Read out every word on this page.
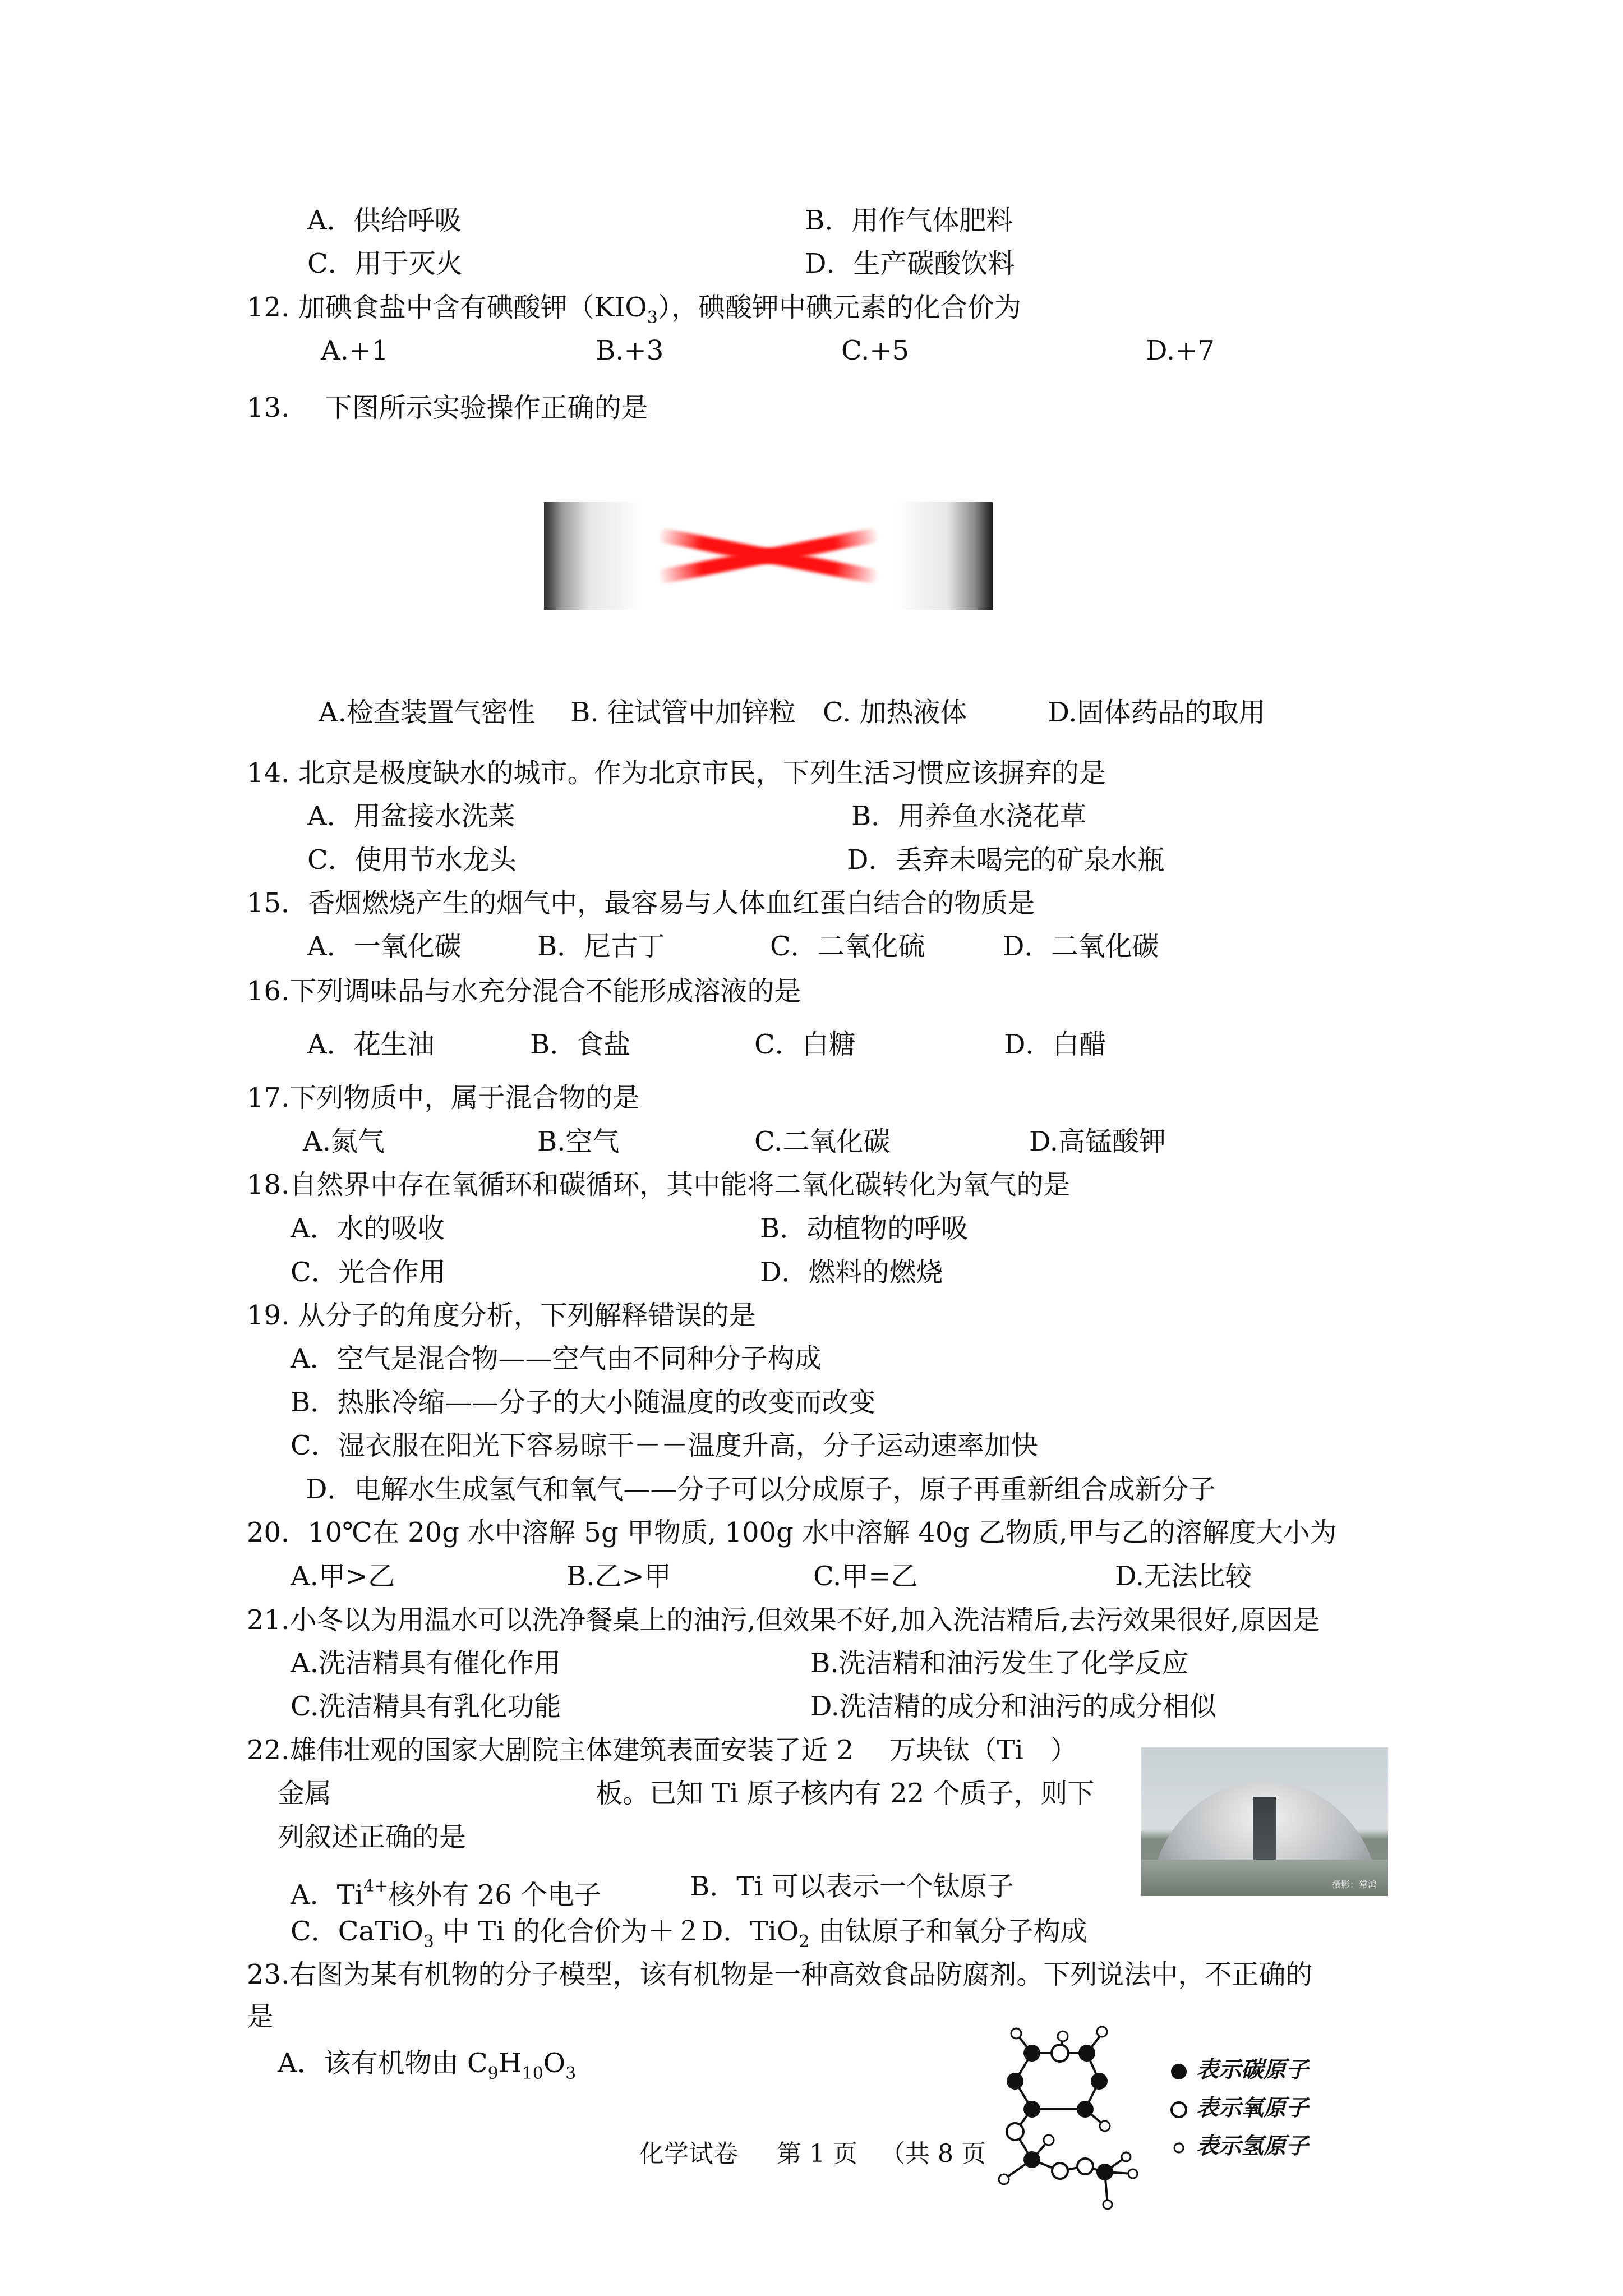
A．供给呼吸	B．用作气体肥料
C．用于灭火	D．生产碳酸饮料
12. 加碘食盐中含有碘酸钾$(KIO_3)$，碘酸钾中碘元素的化合价为
A.+1	B.+3	C.+5	D.+7
13.　 下图所示实验操作正确的是
A.检查装置气密性　 B. 往试管中加锌粒　C. 加热液体　　　D.固体药品的取用
14. 北京是极度缺水的城市。作为北京市民，下列生活习惯应该摒弃的是
A．用盆接水洗菜	B．用养鱼水浇花草
C．使用节水龙头	D．丢弃未喝完的矿泉水瓶
15．香烟燃烧产生的烟气中，最容易与人体血红蛋白结合的物质是
A．一氧化碳	B．尼古丁	C．二氧化硫	D．二氧化碳
16.下列调味品与水充分混合不能形成溶液的是
A．花生油	B．食盐	C．白糖	D．白醋
17.下列物质中，属于混合物的是
A.氮气	B.空气	C.二氧化碳	D.高锰酸钾
18.自然界中存在氧循环和碳循环，其中能将二氧化碳转化为氧气的是
A．水的吸收	B．动植物的呼吸
C．光合作用	D．燃料的燃烧
19. 从分子的角度分析，下列解释错误的是
A．空气是混合物——空气由不同种分子构成
B．热胀冷缩——分子的大小随温度的改变而改变
C．湿衣服在阳光下容易晾干－－温度升高，分子运动速率加快
D．电解水生成氢气和氧气——分子可以分成原子，原子再重新组合成新分子
20．10℃在 20g 水中溶解 5g 甲物质, 100g 水中溶解 40g 乙物质,甲与乙的溶解度大小为
A.甲>乙	B.乙>甲	C.甲=乙	D.无法比较
21.小冬以为用温水可以洗净餐桌上的油污,但效果不好,加入洗洁精后,去污效果很好,原因是
A.洗洁精具有催化作用	B.洗洁精和油污发生了化学反应
C.洗洁精具有乳化功能	D.洗洁精的成分和油污的成分相似
22.雄伟壮观的国家大剧院主体建筑表面安装了近 2　 万块钛（Ti　）
金属	板。已知 Ti 原子核内有 22 个质子，则下
列叙述正确的是
摄影：常鸿
A．$Ti^{4+}$核外有 26 个电子	B．Ti 可以表示一个钛原子
C．CaTiO$_3$ 中 Ti 的化合价为＋２D．TiO$_2$ 由钛原子和氧分子构成
23.右图为某有机物的分子模型，该有机物是一种高效食品防腐剂。下列说法中，不正确的
是
A．该有机物由 $C_9H_{10}O_3$	表示碳原子
表示氧原子
表示氢原子
化学试卷 第 1 页 （共 8 页
